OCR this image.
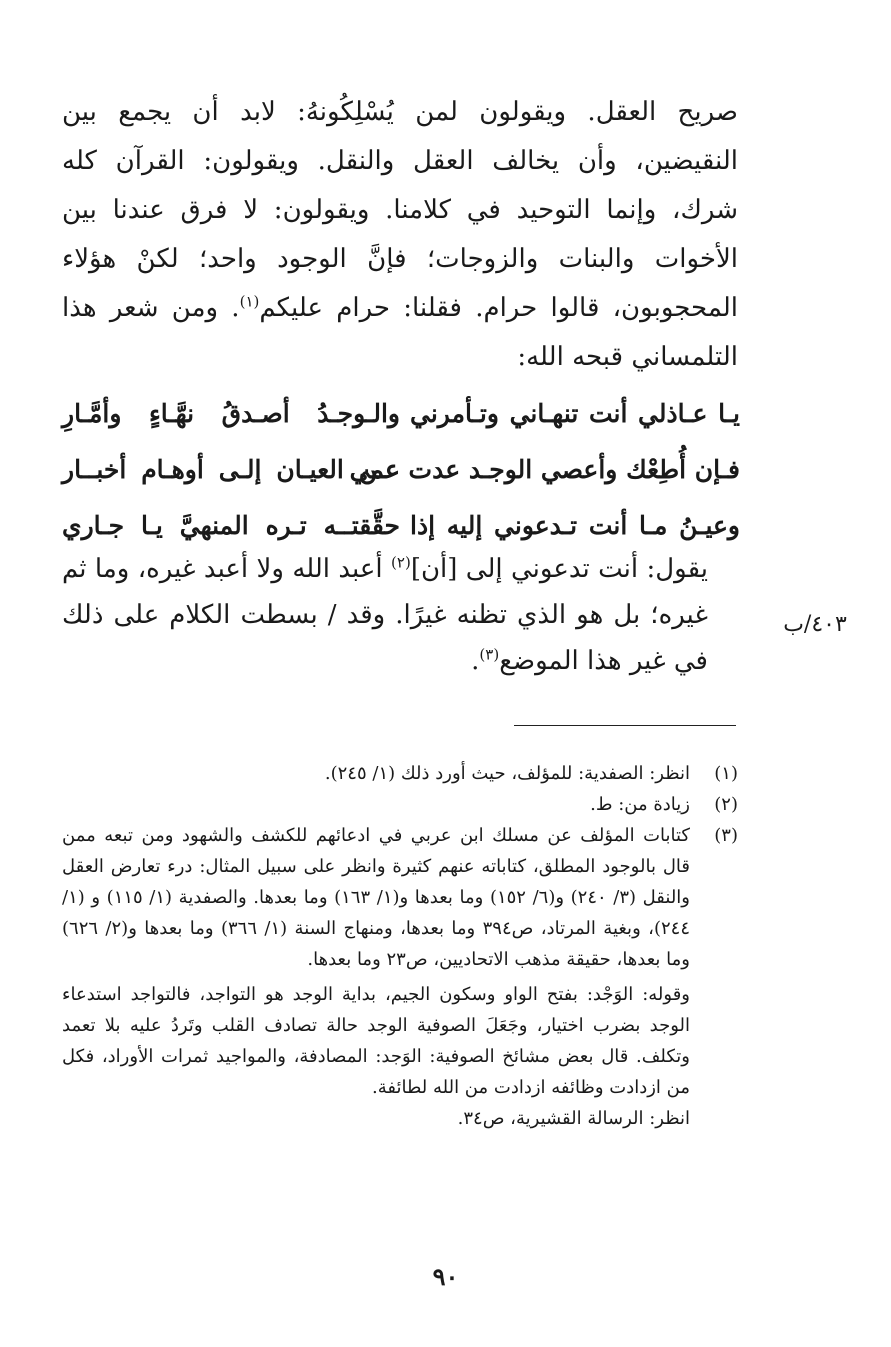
صريح العقل. ويقولون لمن يُسْلِكُونهُ: لابد أن يجمع بين النقيضين، وأن يخالف العقل والنقل. ويقولون: القرآن كله شرك، وإنما التوحيد في كلامنا. ويقولون: لا فرق عندنا بين الأخوات والبنات والزوجات؛ فإنَّ الوجود واحد؛ لكنْ هؤلاء المحجوبون، قالوا حرام. فقلنا: حرام عليكم$^{(١)}$. ومن شعر هذا التلمساني قبحه الله:

يـا عـاذلي أنت تنهـاني وتـأمرني
والـوجـدُ أصـدقُ نهَّـاءٍ وأمَّـارِ
فـإن أُطِعْك وأعصي الوجـد عدت عمي
عـن العيـان إلـى أوهـام أخبــار
وعيـنُ مـا أنت تـدعوني إليه إذا
حقَّقتــه تـره المنهيَّ يـا جـاري

يقول: أنت تدعوني إلى [أن]$^{(٢)}$ أعبد الله ولا أعبد غيره، وما ثم غيره؛ بل هو الذي تظنه غيرًا. وقد / بسطت الكلام على ذلك في غير هذا الموضع$^{(٣)}$.

٤٠٣/ب
(١)

انظر: الصفدية: للمؤلف، حيث أورد ذلك (١/ ٢٤٥).

(٢)

زيادة من: ط.

(٣)

كتابات المؤلف عن مسلك ابن عربي في ادعائهم للكشف والشهود ومن تبعه ممن قال بالوجود المطلق، كتاباته عنهم كثيرة وانظر على سبيل المثال: درء تعارض العقل والنقل (٣/ ٢٤٠) و(٦/ ١٥٢) وما بعدها و(١/ ١٦٣) وما بعدها. والصفدية (١/ ١١٥) و (١/ ٢٤٤)، وبغية المرتاد، ص٣٩٤ وما بعدها، ومنهاج السنة (١/ ٣٦٦) وما بعدها و(٢/ ٦٢٦) وما بعدها، حقيقة مذهب الاتحاديين، ص٢٣ وما بعدها.

وقوله: الوَجْد: بفتح الواو وسكون الجيم، بداية الوجد هو التواجد، فالتواجد استدعاء الوجد بضرب اختيار، وجَعَلَ الصوفية الوجد حالة تصادف القلب وتَردُ عليه بلا تعمد وتكلف. قال بعض مشائخ الصوفية: الوَجد: المصادفة، والمواجيد ثمرات الأوراد، فكل من ازدادت وظائفه ازدادت من الله لطائفة.

انظر: الرسالة القشيرية، ص٣٤.

٩٠
